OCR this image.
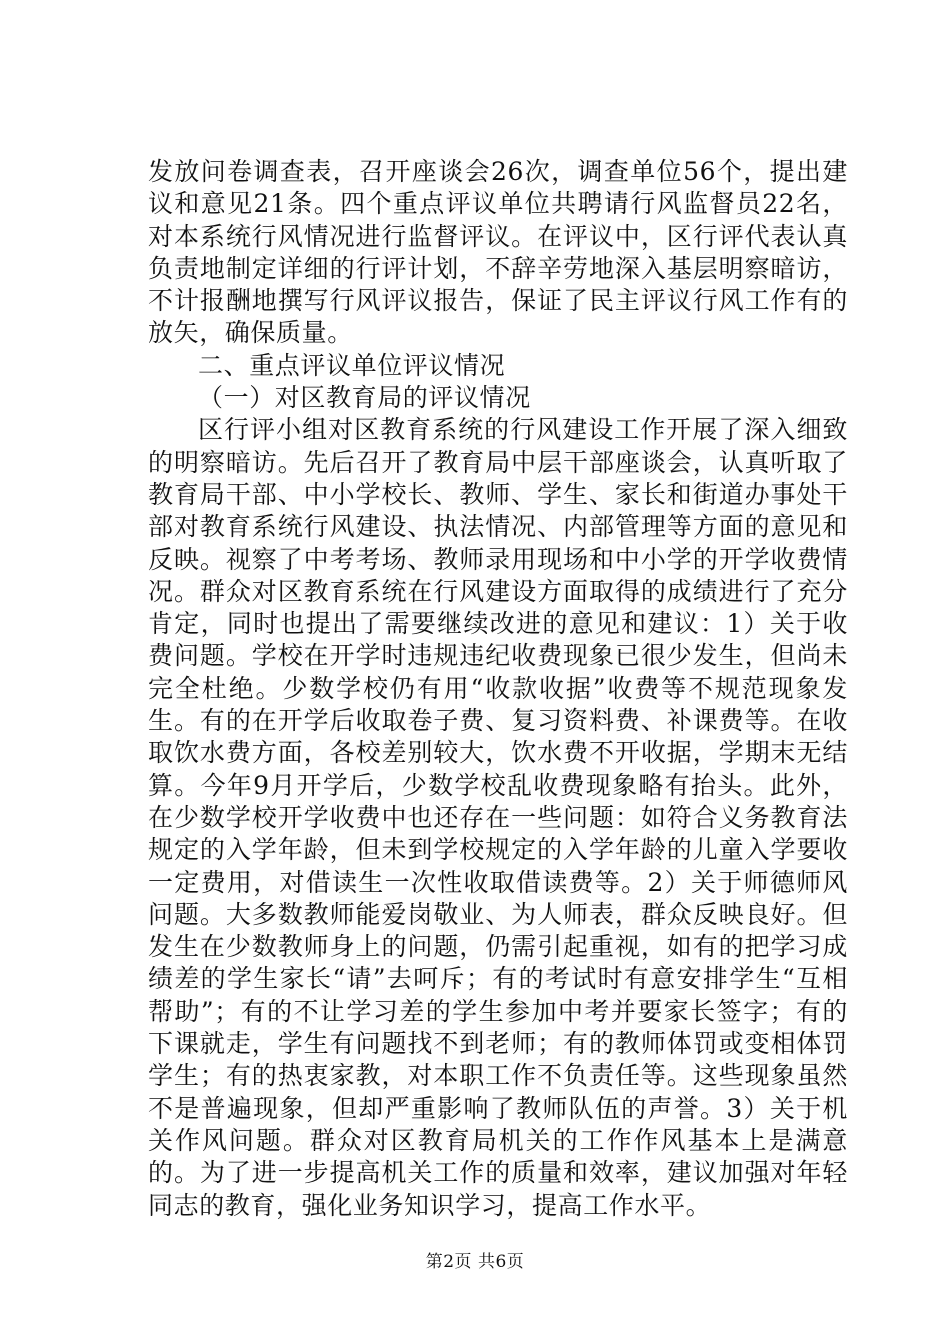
发放问卷调查表，召开座谈会26次，调查单位56个，提出建议和意见21条。四个重点评议单位共聘请行风监督员22名，对本系统行风情况进行监督评议。在评议中，区行评代表认真负责地制定详细的行评计划，不辞辛劳地深入基层明察暗访，不计报酬地撰写行风评议报告，保证了民主评议行风工作有的放矢，确保质量。

二、重点评议单位评议情况

（一）对区教育局的评议情况

区行评小组对区教育系统的行风建设工作开展了深入细致的明察暗访。先后召开了教育局中层干部座谈会，认真听取了教育局干部、中小学校长、教师、学生、家长和街道办事处干部对教育系统行风建设、执法情况、内部管理等方面的意见和反映。视察了中考考场、教师录用现场和中小学的开学收费情况。群众对区教育系统在行风建设方面取得的成绩进行了充分肯定，同时也提出了需要继续改进的意见和建议：1）关于收费问题。学校在开学时违规违纪收费现象已很少发生，但尚未完全杜绝。少数学校仍有用“收款收据”收费等不规范现象发生。有的在开学后收取卷子费、复习资料费、补课费等。在收取饮水费方面，各校差别较大，饮水费不开收据，学期末无结算。今年9月开学后，少数学校乱收费现象略有抬头。此外，在少数学校开学收费中也还存在一些问题：如符合义务教育法规定的入学年龄，但未到学校规定的入学年龄的儿童入学要收一定费用，对借读生一次性收取借读费等。2）关于师德师风问题。大多数教师能爱岗敬业、为人师表，群众反映良好。但发生在少数教师身上的问题，仍需引起重视，如有的把学习成绩差的学生家长“请”去呵斥；有的考试时有意安排学生“互相帮助”；有的不让学习差的学生参加中考并要家长签字；有的下课就走，学生有问题找不到老师；有的教师体罚或变相体罚学生；有的热衷家教，对本职工作不负责任等。这些现象虽然不是普遍现象，但却严重影响了教师队伍的声誉。3）关于机关作风问题。群众对区教育局机关的工作作风基本上是满意的。为了进一步提高机关工作的质量和效率，建议加强对年轻同志的教育，强化业务知识学习，提高工作水平。

第2页 共6页
